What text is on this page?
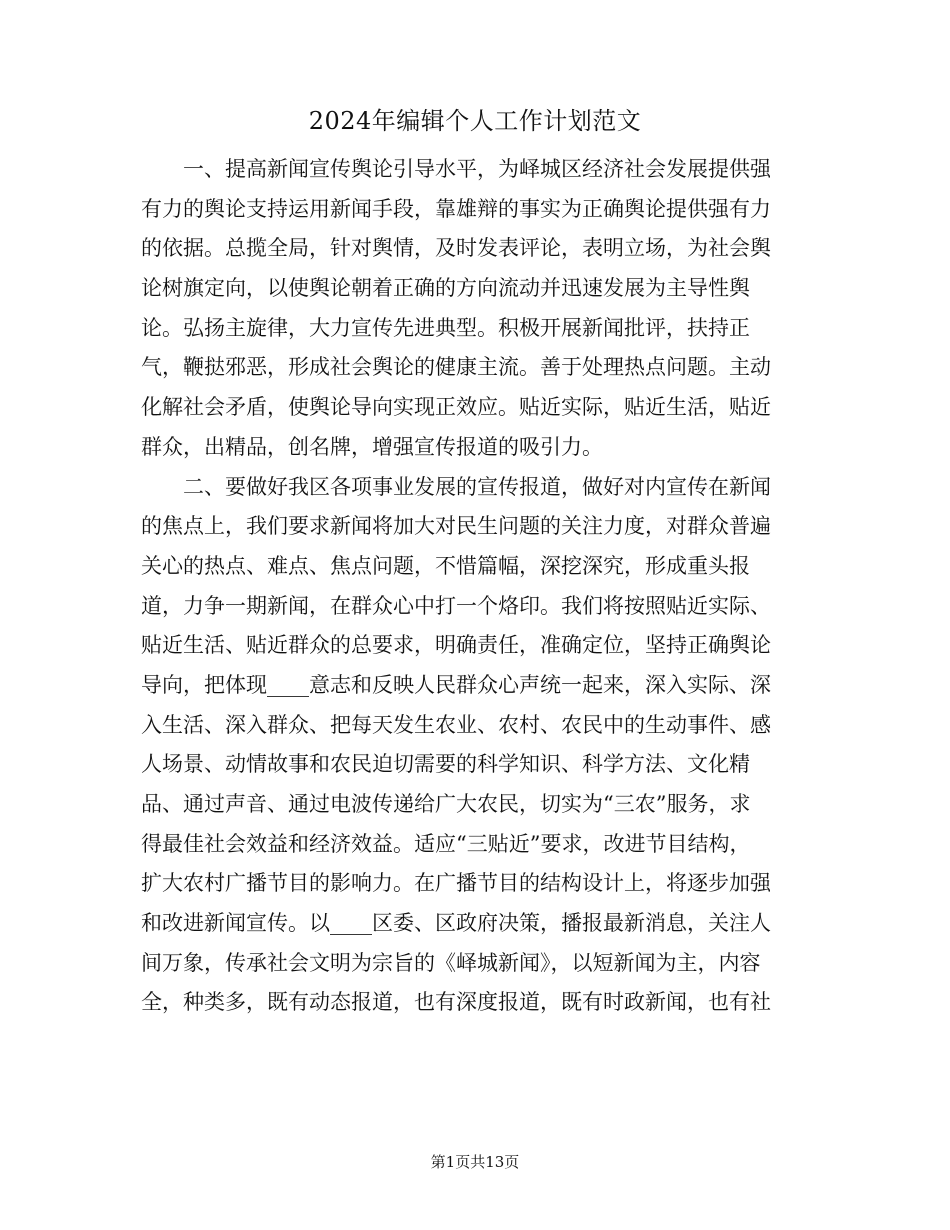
2024年编辑个人工作计划范文
一、提高新闻宣传舆论引导水平，为峄城区经济社会发展提供强
有力的舆论支持运用新闻手段，靠雄辩的事实为正确舆论提供强有力
的依据。总揽全局，针对舆情，及时发表评论，表明立场，为社会舆
论树旗定向，以使舆论朝着正确的方向流动并迅速发展为主导性舆
论。弘扬主旋律，大力宣传先进典型。积极开展新闻批评，扶持正
气，鞭挞邪恶，形成社会舆论的健康主流。善于处理热点问题。主动
化解社会矛盾，使舆论导向实现正效应。贴近实际，贴近生活，贴近
群众，出精品，创名牌，增强宣传报道的吸引力。
二、要做好我区各项事业发展的宣传报道，做好对内宣传在新闻
的焦点上，我们要求新闻将加大对民生问题的关注力度，对群众普遍
关心的热点、难点、焦点问题，不惜篇幅，深挖深究，形成重头报
道，力争一期新闻，在群众心中打一个烙印。我们将按照贴近实际、
贴近生活、贴近群众的总要求，明确责任，准确定位，坚持正确舆论
导向，把体现____意志和反映人民群众心声统一起来，深入实际、深
入生活、深入群众、把每天发生农业、农村、农民中的生动事件、感
人场景、动情故事和农民迫切需要的科学知识、科学方法、文化精
品、通过声音、通过电波传递给广大农民，切实为“三农”服务，求
得最佳社会效益和经济效益。适应“三贴近”要求，改进节目结构，
扩大农村广播节目的影响力。在广播节目的结构设计上，将逐步加强
和改进新闻宣传。以____区委、区政府决策，播报最新消息，关注人
间万象，传承社会文明为宗旨的《峄城新闻》，以短新闻为主，内容
全，种类多，既有动态报道，也有深度报道，既有时政新闻，也有社
第1页共13页
